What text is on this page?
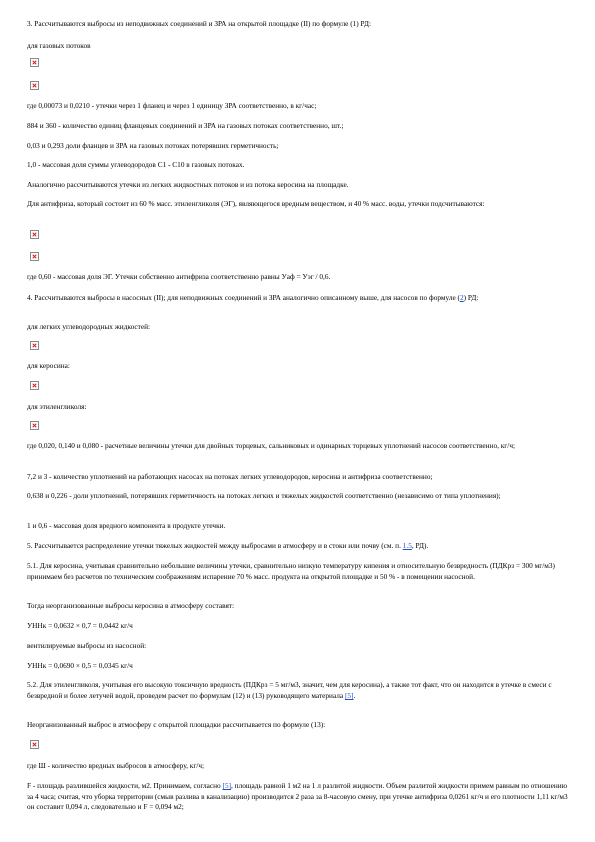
3. Рассчитываются выбросы из неподвижных соединений и ЗРА на открытой площадке (II) по формуле (1) РД:

для газовых потоков

где 0,00073 и 0,0210 - утечки через 1 фланец и через 1 единицу ЗРА соответственно, в кг/час;

884 и 360 - количество единиц фланцевых соединений и ЗРА на газовых потоках соответственно, шт.;

0,03 и 0,293 доли фланцев и ЗРА на газовых потоках потерявших герметичность;

1,0 - массовая доля суммы углеводородов С1 - С10 в газовых потоках.

Аналогично рассчитываются утечки из легких жидкостных потоков и из потока керосина на площадке.

Для антифриза, который состоит из 60 % масс. этиленгликоля (ЭГ), являющегося вредным веществом, и 40 % масс. воды, утечки подсчитываются:

где 0,60 - массовая доля ЭГ. Утечки собственно антифриза соответственно равны Уаф = Уэг / 0,6.

4. Рассчитываются выбросы в насосных (II); для неподвижных соединений и ЗРА аналогично описанному выше, для насосов по формуле (2) РД:

для легких углеводородных жидкостей:

для керосина:

для этиленгликоля:

где 0,020, 0,140 и 0,080 - расчетные величины утечки для двойных торцевых, сальниковых и одинарных торцевых уплотнений насосов соответственно, кг/ч;

7,2 и 3 - количество уплотнений на работающих насосах на потоках легких углеводородов, керосина и антифриза соответственно;

0,638 и 0,226 - доли уплотнений, потерявших герметичность на потоках легких и тяжелых жидкостей соответственно (независимо от типа уплотнения);

1 и 0,6 - массовая доля вредного компонента в продукте утечки.

5. Рассчитывается распределение утечки тяжелых жидкостей между выбросами в атмосферу и в стоки или почву (см. п. 1.5, РД).

5.1. Для керосина, учитывая сравнительно небольшие величины утечки, сравнительно низкую температуру кипения и относительную безвредность (ПДКрз = 300 мг/м3) принимаем без расчетов по техническим соображениям испарение 70 % масс. продукта на открытой площадке и 50 % - в помещении насосной.

Тогда неорганизованные выбросы керосина в атмосферу составят:

УННк = 0,0632 × 0,7 = 0,0442 кг/ч

вентилируемые выбросы из насосной:

УННк = 0,0690 × 0,5 = 0,0345 кг/ч

5.2. Для этиленгликоля, учитывая его высокую токсичную вредность (ПДКрз = 5 мг/м3, значит, чем для керосина), а также тот факт, что он находится в утечке в смеси с безвредной и более летучей водой, проведем расчет по формулам (12) и (13) руководящего материала [5].

Неорганизованный выброс в атмосферу с открытой площадки рассчитывается по формуле (13):

где Ш - количество вредных выбросов в атмосферу, кг/ч;

F - площадь разлившейся жидкости, м2. Принимаем, согласно [5], площадь равной 1 м2 на 1 л разлитой жидкости. Объем разлитой жидкости примем равным по отношению за 4 часа; считая, что уборка территории (смыв разлива в канализацию) производится 2 раза за 8-часовую смену, при утечке антифриза 0,0261 кг/ч и его плотности 1,11 кг/м3 он составит 0,094 л, следовательно и F = 0,094 м2;
